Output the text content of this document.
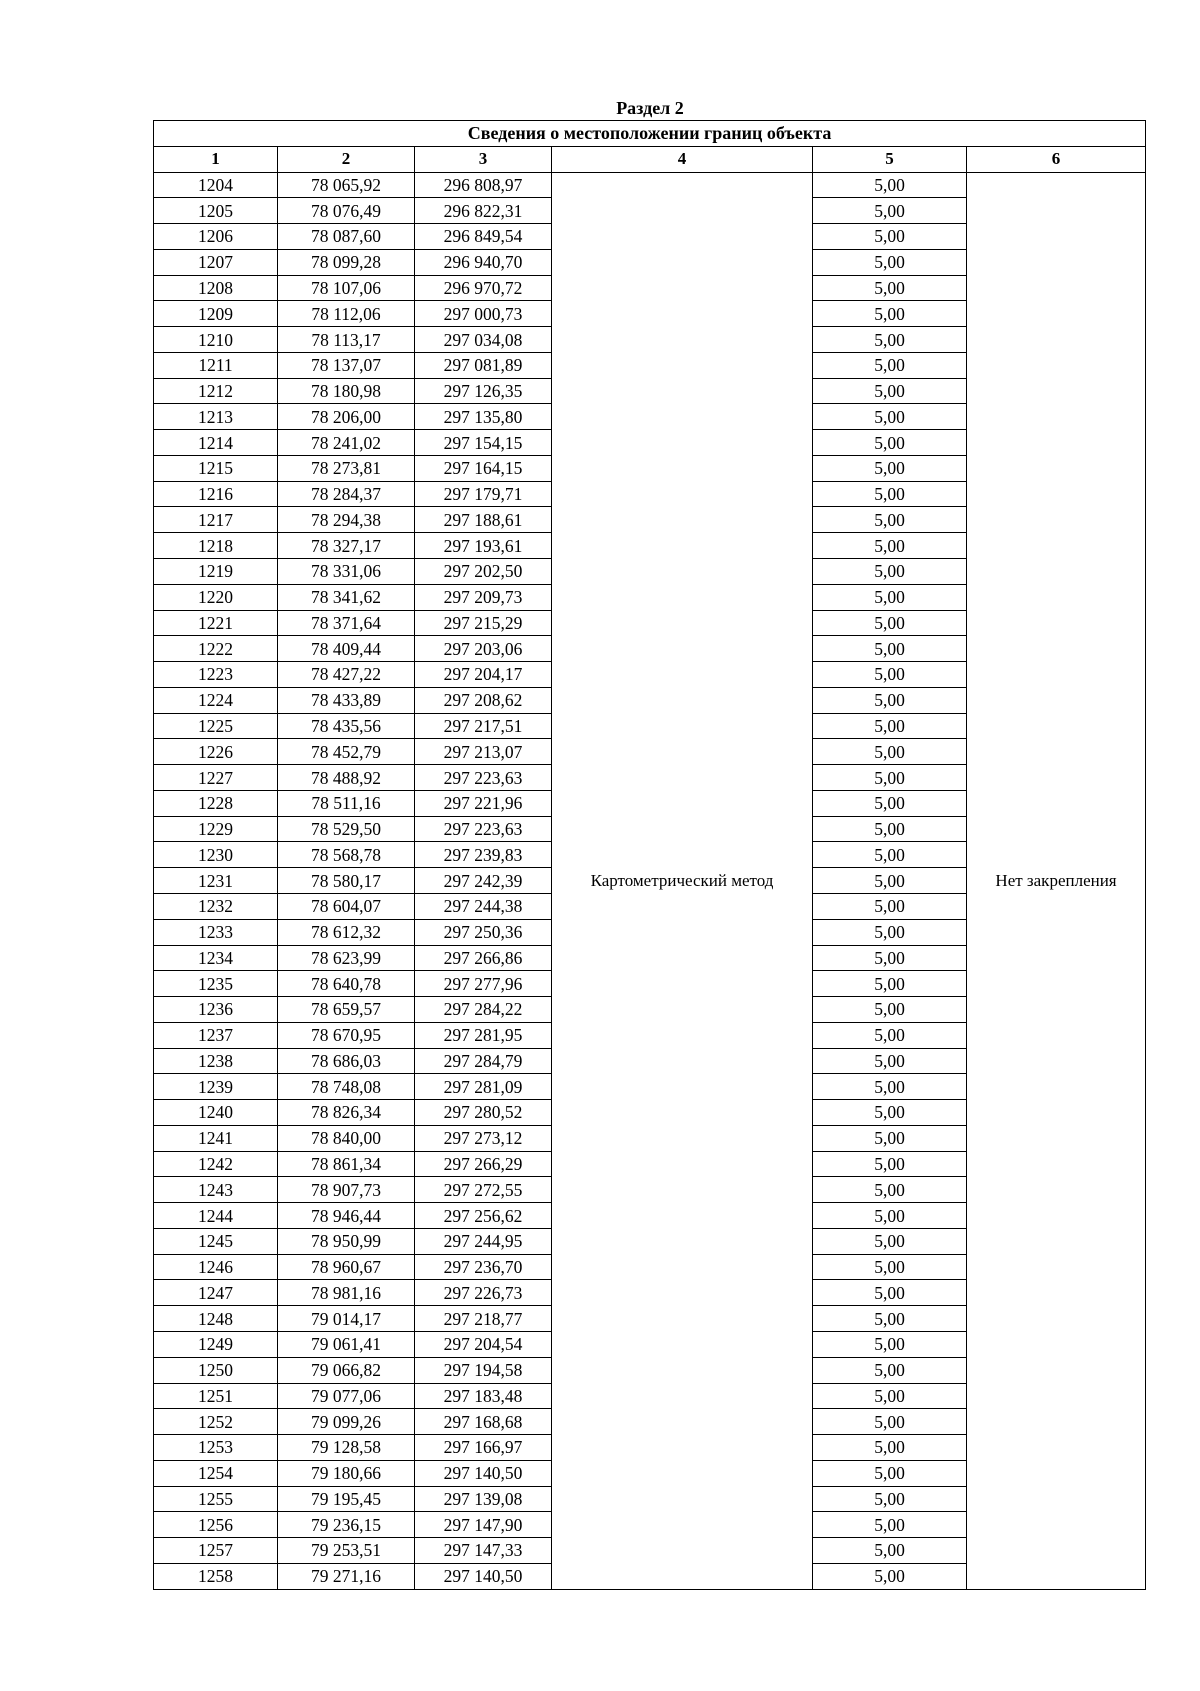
Раздел 2
Сведения о местоположении границ объекта					
1	2	3	4	5	6
1204	78 065,92	296 808,97	Картометрический метод	5,00	Нет закрепления
1205	78 076,49	296 822,31		5,00	
1206	78 087,60	296 849,54		5,00	
1207	78 099,28	296 940,70		5,00	
1208	78 107,06	296 970,72		5,00	
1209	78 112,06	297 000,73		5,00	
1210	78 113,17	297 034,08		5,00	
1211	78 137,07	297 081,89		5,00	
1212	78 180,98	297 126,35		5,00	
1213	78 206,00	297 135,80		5,00	
1214	78 241,02	297 154,15		5,00	
1215	78 273,81	297 164,15		5,00	
1216	78 284,37	297 179,71		5,00	
1217	78 294,38	297 188,61		5,00	
1218	78 327,17	297 193,61		5,00	
1219	78 331,06	297 202,50		5,00	
1220	78 341,62	297 209,73		5,00	
1221	78 371,64	297 215,29		5,00	
1222	78 409,44	297 203,06		5,00	
1223	78 427,22	297 204,17		5,00	
1224	78 433,89	297 208,62		5,00	
1225	78 435,56	297 217,51		5,00	
1226	78 452,79	297 213,07		5,00	
1227	78 488,92	297 223,63		5,00	
1228	78 511,16	297 221,96		5,00	
1229	78 529,50	297 223,63		5,00	
1230	78 568,78	297 239,83		5,00	
1231	78 580,17	297 242,39		5,00	
1232	78 604,07	297 244,38		5,00	
1233	78 612,32	297 250,36		5,00	
1234	78 623,99	297 266,86		5,00	
1235	78 640,78	297 277,96		5,00	
1236	78 659,57	297 284,22		5,00	
1237	78 670,95	297 281,95		5,00	
1238	78 686,03	297 284,79		5,00	
1239	78 748,08	297 281,09		5,00	
1240	78 826,34	297 280,52		5,00	
1241	78 840,00	297 273,12		5,00	
1242	78 861,34	297 266,29		5,00	
1243	78 907,73	297 272,55		5,00	
1244	78 946,44	297 256,62		5,00	
1245	78 950,99	297 244,95		5,00	
1246	78 960,67	297 236,70		5,00	
1247	78 981,16	297 226,73		5,00	
1248	79 014,17	297 218,77		5,00	
1249	79 061,41	297 204,54		5,00	
1250	79 066,82	297 194,58		5,00	
1251	79 077,06	297 183,48		5,00	
1252	79 099,26	297 168,68		5,00	
1253	79 128,58	297 166,97		5,00	
1254	79 180,66	297 140,50		5,00	
1255	79 195,45	297 139,08		5,00	
1256	79 236,15	297 147,90		5,00	
1257	79 253,51	297 147,33		5,00	
1258	79 271,16	297 140,50		5,00	
